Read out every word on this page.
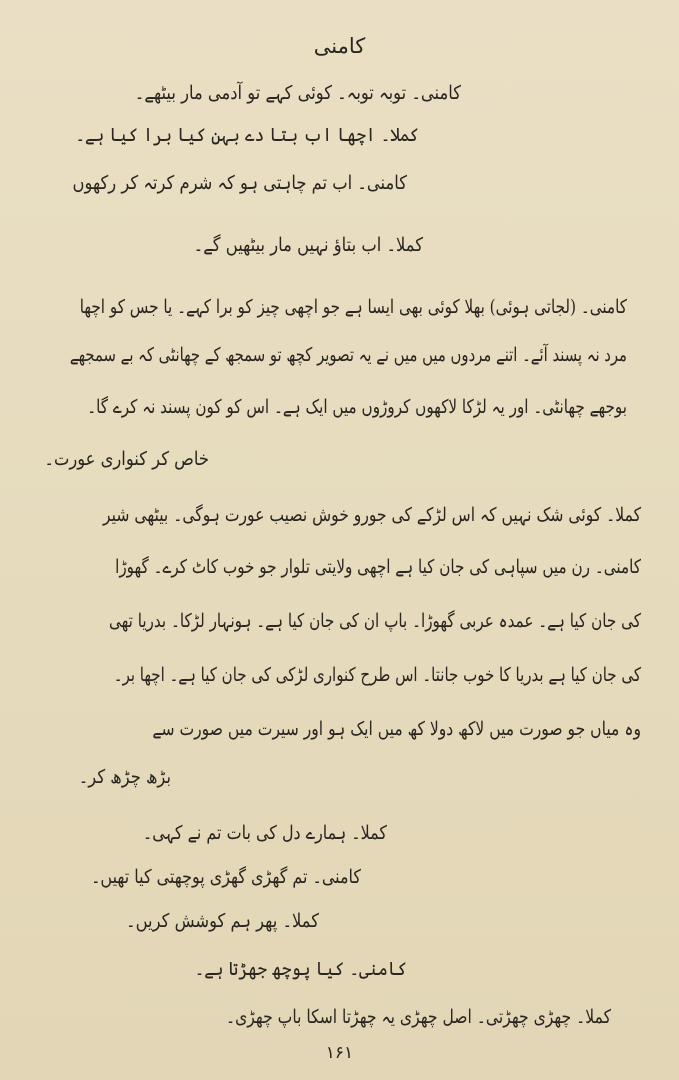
کامنی
کامنی۔ توبہ توبہ۔ کوئی کہے تو آدمی مار بیٹھے۔
کملا۔ اچھا اب بتا دے بہن کیا برا کیا ہے۔
کامنی۔ اب تم چاہتی ہو کہ شرم کرتہ کر رکھوں
کملا۔ اب بتاؤ نہیں مار بیٹھیں گے۔
کامنی۔ (لجاتی ہوئی) بھلا کوئی بھی ایسا ہے جو اچھی چیز کو برا کہے۔ یا جس کو اچھا
مرد نہ پسند آئے۔ اتنے مردوں میں میں نے یہ تصویر کچھ تو سمجھ کے چھانٹی کہ بے سمجھے
بوجھے چھانٹی۔ اور یہ لڑکا لاکھوں کروڑوں میں ایک ہے۔ اس کو کون پسند نہ کرے گا۔
خاص کر کنواری عورت۔
کملا۔ کوئی شک نہیں کہ اس لڑکے کی جورو خوش نصیب عورت ہوگی۔ بیٹھی شیر
کامنی۔ رن میں سپاہی کی جان کیا ہے اچھی ولایتی تلوار جو خوب کاٹ کرے۔ گھوڑا
کی جان کیا ہے۔ عمدہ عربی گھوڑا۔ باپ ان کی جان کیا ہے۔ ہونہار لڑکا۔ بدریا تھی
کی جان کیا ہے بدریا کا خوب جانتا۔ اس طرح کنواری لڑکی کی جان کیا ہے۔ اچھا بر۔
وہ میاں جو صورت میں لاکھ دولا کھ میں ایک ہو اور سیرت میں صورت سے
بڑھ چڑھ کر۔
کملا۔ ہمارے دل کی بات تم نے کہی۔
کامنی۔ تم گھڑی گھڑی پوچھتی کیا تھیں۔
کملا۔ پھر ہم کوشش کریں۔
کامنی۔ کیا پوچھ جھڑتا ہے۔
کملا۔ چھڑی چھڑتی۔ اصل چھڑی یہ چھڑتا اسکا باپ چھڑی۔
۱۶۱
